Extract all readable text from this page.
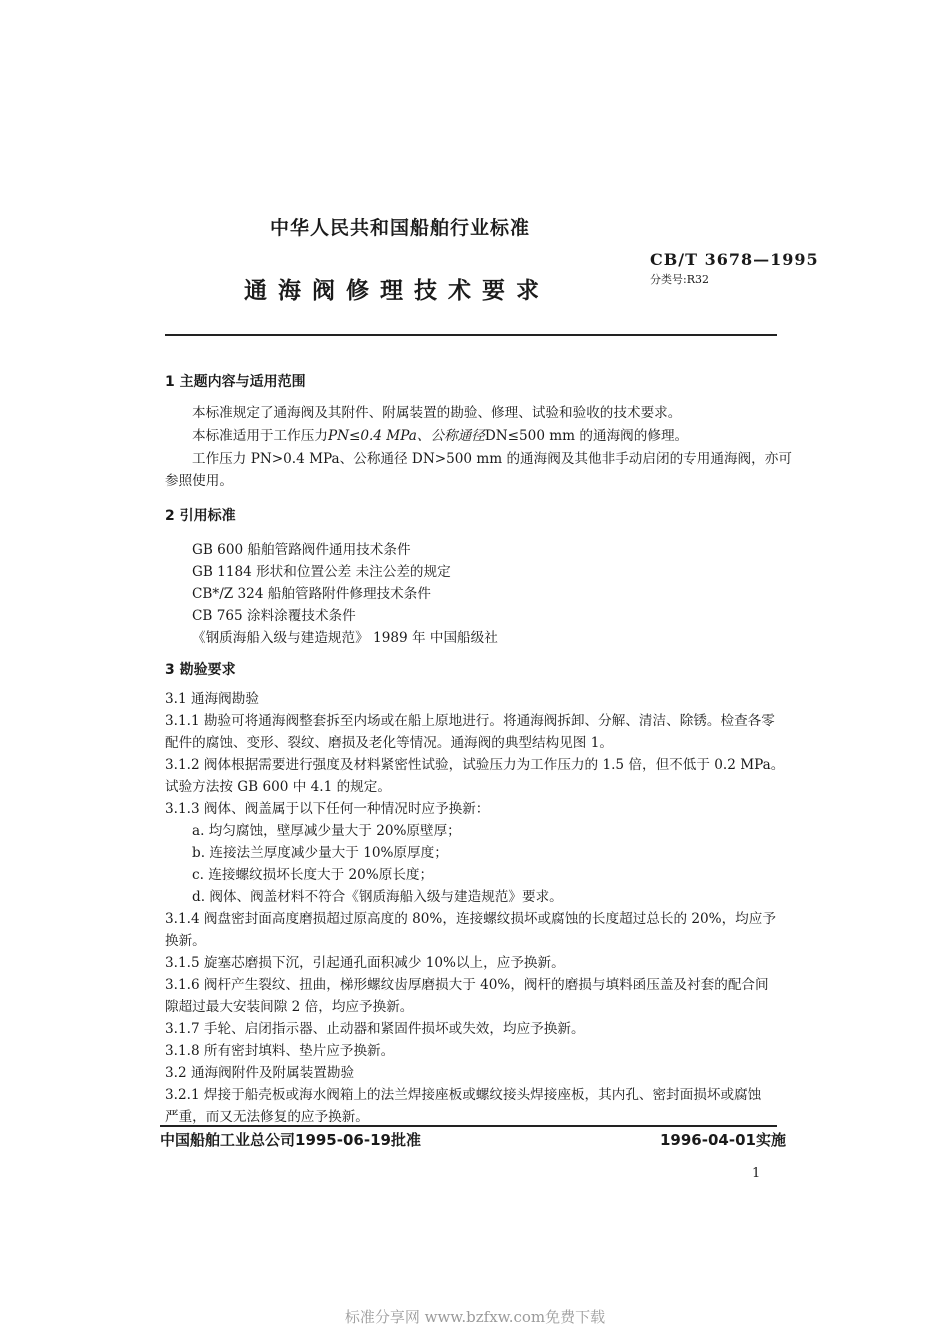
中华人民共和国船舶行业标准
CB/T 3678—1995
分类号:R32
通海阀修理技术要求
1 主题内容与适用范围
本标准规定了通海阀及其附件、附属装置的勘验、修理、试验和验收的技术要求。
本标准适用于工作压力PN≤0.4 MPa、公称通径DN≤500 mm 的通海阀的修理。
工作压力 PN>0.4 MPa、公称通径 DN>500 mm 的通海阀及其他非手动启闭的专用通海阀，亦可
参照使用。
2 引用标准
GB 600 船舶管路阀件通用技术条件
GB 1184 形状和位置公差 未注公差的规定
CB*/Z 324 船舶管路附件修理技术条件
CB 765 涂料涂覆技术条件
《钢质海船入级与建造规范》 1989 年 中国船级社
3 勘验要求
3.1 通海阀勘验
3.1.1 勘验可将通海阀整套拆至内场或在船上原地进行。将通海阀拆卸、分解、清洁、除锈。检查各零
配件的腐蚀、变形、裂纹、磨损及老化等情况。通海阀的典型结构见图 1。
3.1.2 阀体根据需要进行强度及材料紧密性试验，试验压力为工作压力的 1.5 倍，但不低于 0.2 MPa。
试验方法按 GB 600 中 4.1 的规定。
3.1.3 阀体、阀盖属于以下任何一种情况时应予换新：
a. 均匀腐蚀，壁厚减少量大于 20%原壁厚；
b. 连接法兰厚度减少量大于 10%原厚度；
c. 连接螺纹损坏长度大于 20%原长度；
d. 阀体、阀盖材料不符合《钢质海船入级与建造规范》要求。
3.1.4 阀盘密封面高度磨损超过原高度的 80%，连接螺纹损坏或腐蚀的长度超过总长的 20%，均应予
换新。
3.1.5 旋塞芯磨损下沉，引起通孔面积减少 10%以上，应予换新。
3.1.6 阀杆产生裂纹、扭曲，梯形螺纹齿厚磨损大于 40%，阀杆的磨损与填料函压盖及衬套的配合间
隙超过最大安装间隙 2 倍，均应予换新。
3.1.7 手轮、启闭指示器、止动器和紧固件损坏或失效，均应予换新。
3.1.8 所有密封填料、垫片应予换新。
3.2 通海阀附件及附属装置勘验
3.2.1 焊接于船壳板或海水阀箱上的法兰焊接座板或螺纹接头焊接座板，其内孔、密封面损坏或腐蚀
严重，而又无法修复的应予换新。
中国船舶工业总公司1995-06-19批准	1996-04-01实施
1
标准分享网 www.bzfxw.com免费下载
